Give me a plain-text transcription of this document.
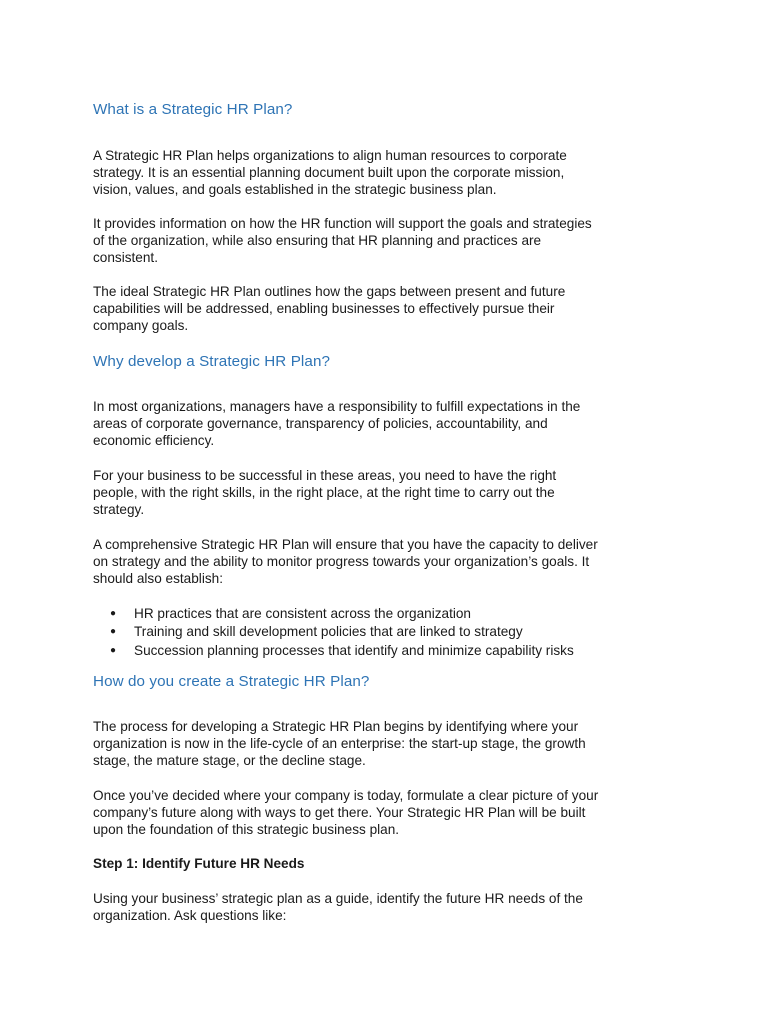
What is a Strategic HR Plan?
A Strategic HR Plan helps organizations to align human resources to corporate
strategy. It is an essential planning document built upon the corporate mission,
vision, values, and goals established in the strategic business plan.
It provides information on how the HR function will support the goals and strategies
of the organization, while also ensuring that HR planning and practices are
consistent.
The ideal Strategic HR Plan outlines how the gaps between present and future
capabilities will be addressed, enabling businesses to effectively pursue their
company goals.
Why develop a Strategic HR Plan?
In most organizations, managers have a responsibility to fulfill expectations in the
areas of corporate governance, transparency of policies, accountability, and
economic efficiency.
For your business to be successful in these areas, you need to have the right
people, with the right skills, in the right place, at the right time to carry out the
strategy.
A comprehensive Strategic HR Plan will ensure that you have the capacity to deliver
on strategy and the ability to monitor progress towards your organization’s goals. It
should also establish:
● HR practices that are consistent across the organization
● Training and skill development policies that are linked to strategy
● Succession planning processes that identify and minimize capability risks
How do you create a Strategic HR Plan?
The process for developing a Strategic HR Plan begins by identifying where your
organization is now in the life-cycle of an enterprise: the start-up stage, the growth
stage, the mature stage, or the decline stage.
Once you’ve decided where your company is today, formulate a clear picture of your
company’s future along with ways to get there. Your Strategic HR Plan will be built
upon the foundation of this strategic business plan.
Step 1: Identify Future HR Needs
Using your business’ strategic plan as a guide, identify the future HR needs of the
organization. Ask questions like:
